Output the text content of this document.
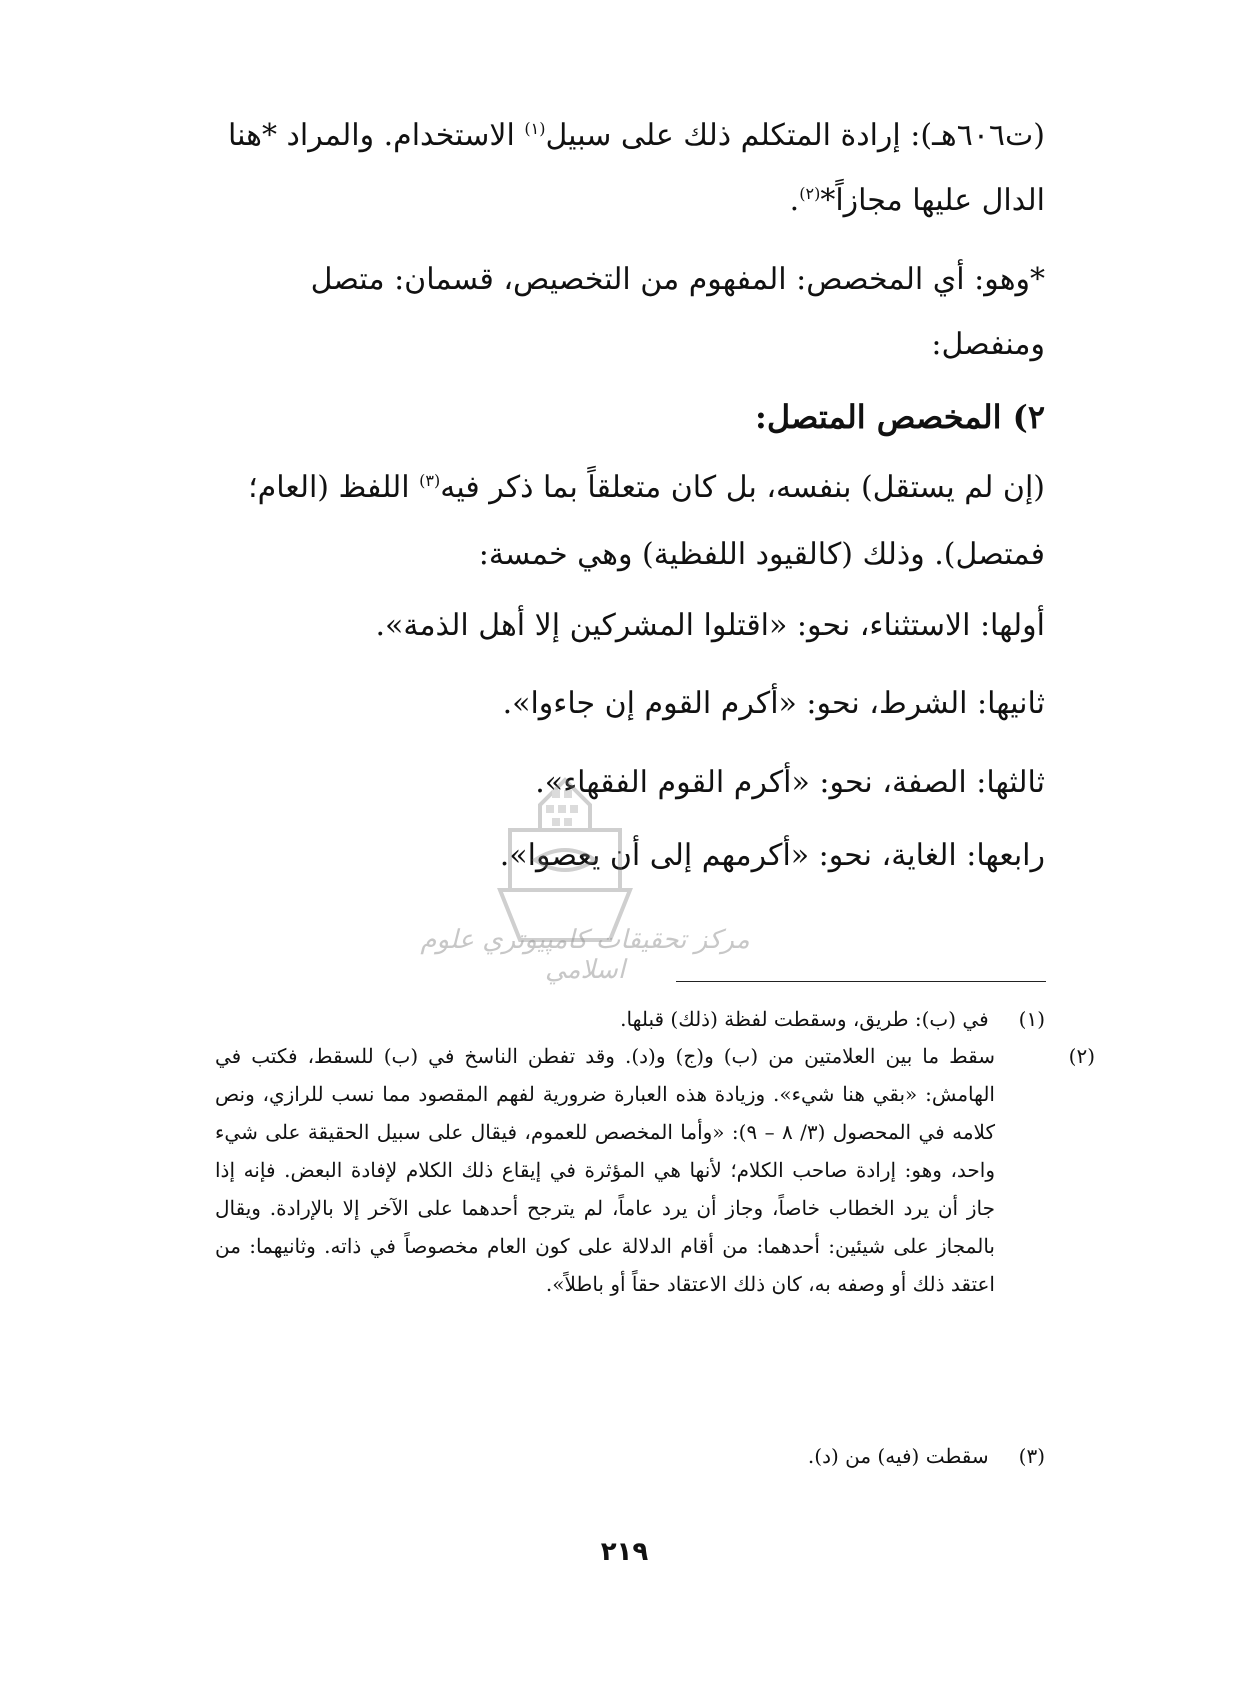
(ت٦٠٦هـ): إرادة المتكلم ذلك على سبيل$^{(١)}$ الاستخدام. والمراد *هنا
الدال عليها مجازاً*$^{(٢)}$.
*وهو: أي المخصص: المفهوم من التخصيص، قسمان: متصل
ومنفصل:
٢) المخصص المتصل:
(إن لم يستقل) بنفسه، بل كان متعلقاً بما ذكر فيه$^{(٣)}$ اللفظ (العام؛
فمتصل). وذلك (كالقيود اللفظية) وهي خمسة:
أولها: الاستثناء، نحو: «اقتلوا المشركين إلا أهل الذمة».
ثانيها: الشرط، نحو: «أكرم القوم إن جاءوا».
ثالثها: الصفة، نحو: «أكرم القوم الفقهاء».
رابعها: الغاية، نحو: «أكرمهم إلى أن يعصوا».
مركز تحقيقات كامپيوتري علوم اسلامي
(١) في (ب): طريق، وسقطت لفظة (ذلك) قبلها.
(٢)سقط ما بين العلامتين من (ب) و(ج) و(د). وقد تفطن الناسخ في (ب) للسقط، فكتب في الهامش: «بقي هنا شيء». وزيادة هذه العبارة ضرورية لفهم المقصود مما نسب للرازي، ونص كلامه في المحصول (٣/ ٨ – ٩): «وأما المخصص للعموم، فيقال على سبيل الحقيقة على شيء واحد، وهو: إرادة صاحب الكلام؛ لأنها هي المؤثرة في إيقاع ذلك الكلام لإفادة البعض. فإنه إذا جاز أن يرد الخطاب خاصاً، وجاز أن يرد عاماً، لم يترجح أحدهما على الآخر إلا بالإرادة. ويقال بالمجاز على شيئين: أحدهما: من أقام الدلالة على كون العام مخصوصاً في ذاته. وثانيهما: من اعتقد ذلك أو وصفه به، كان ذلك الاعتقاد حقاً أو باطلاً».
(٣) سقطت (فيه) من (د).
٢١٩
